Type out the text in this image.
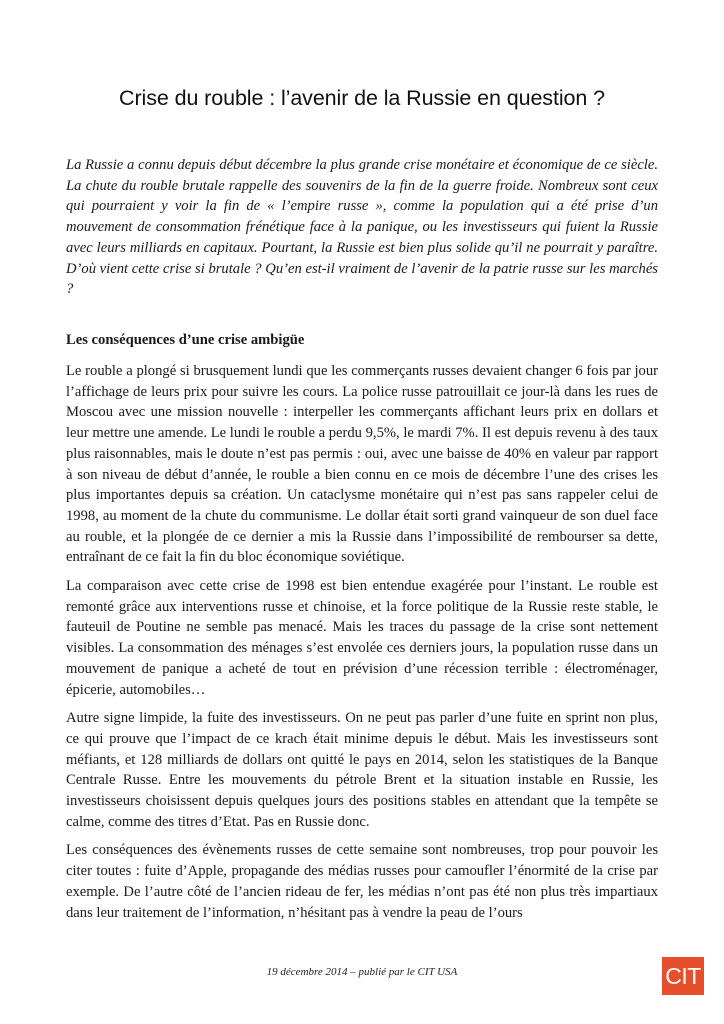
Crise du rouble : l’avenir de la Russie en question ?

La Russie a connu depuis début décembre la plus grande crise monétaire et économique de ce siècle. La chute du rouble brutale rappelle des souvenirs de la fin de la guerre froide. Nombreux sont ceux qui pourraient y voir la fin de « l’empire russe », comme la population qui a été prise d’un mouvement de consommation frénétique face à la panique, ou les investisseurs qui fuient la Russie avec leurs milliards en capitaux. Pourtant, la Russie est bien plus solide qu’il ne pourrait y paraître. D’où vient cette crise si brutale ? Qu’en est-il vraiment de l’avenir de la patrie russe sur les marchés ?

Les conséquences d’une crise ambigüe

Le rouble a plongé si brusquement lundi que les commerçants russes devaient changer 6 fois par jour l’affichage de leurs prix pour suivre les cours. La police russe patrouillait ce jour-là dans les rues de Moscou avec une mission nouvelle : interpeller les commerçants affichant leurs prix en dollars et leur mettre une amende. Le lundi le rouble a perdu 9,5%, le mardi 7%. Il est depuis revenu à des taux plus raisonnables, mais le doute n’est pas permis : oui, avec une baisse de 40% en valeur par rapport à son niveau de début d’année, le rouble a bien connu en ce mois de décembre l’une des crises les plus importantes depuis sa création. Un cataclysme monétaire qui n’est pas sans rappeler celui de 1998, au moment de la chute du communisme. Le dollar était sorti grand vainqueur de son duel face au rouble, et la plongée de ce dernier a mis la Russie dans l’impossibilité de rembourser sa dette, entraînant de ce fait la fin du bloc économique soviétique.

La comparaison avec cette crise de 1998 est bien entendue exagérée pour l’instant. Le rouble est remonté grâce aux interventions russe et chinoise, et la force politique de la Russie reste stable, le fauteuil de Poutine ne semble pas menacé. Mais les traces du passage de la crise sont nettement visibles. La consommation des ménages s’est envolée ces derniers jours, la population russe dans un mouvement de panique a acheté de tout en prévision d’une récession terrible : électroménager, épicerie, automobiles…

Autre signe limpide, la fuite des investisseurs. On ne peut pas parler d’une fuite en sprint non plus, ce qui prouve que l’impact de ce krach était minime depuis le début. Mais les investisseurs sont méfiants, et 128 milliards de dollars ont quitté le pays en 2014, selon les statistiques de la Banque Centrale Russe. Entre les mouvements du pétrole Brent et la situation instable en Russie, les investisseurs choisissent depuis quelques jours des positions stables en attendant que la tempête se calme, comme des titres d’Etat. Pas en Russie donc.

Les conséquences des évènements russes de cette semaine sont nombreuses, trop pour pouvoir les citer toutes : fuite d’Apple, propagande des médias russes pour camoufler l’énormité de la crise par exemple. De l’autre côté de l’ancien rideau de fer, les médias n’ont pas été non plus très impartiaux dans leur traitement de l’information, n’hésitant pas à vendre la peau de l’ours

19 décembre 2014 – publié par le CIT USA	CIT
